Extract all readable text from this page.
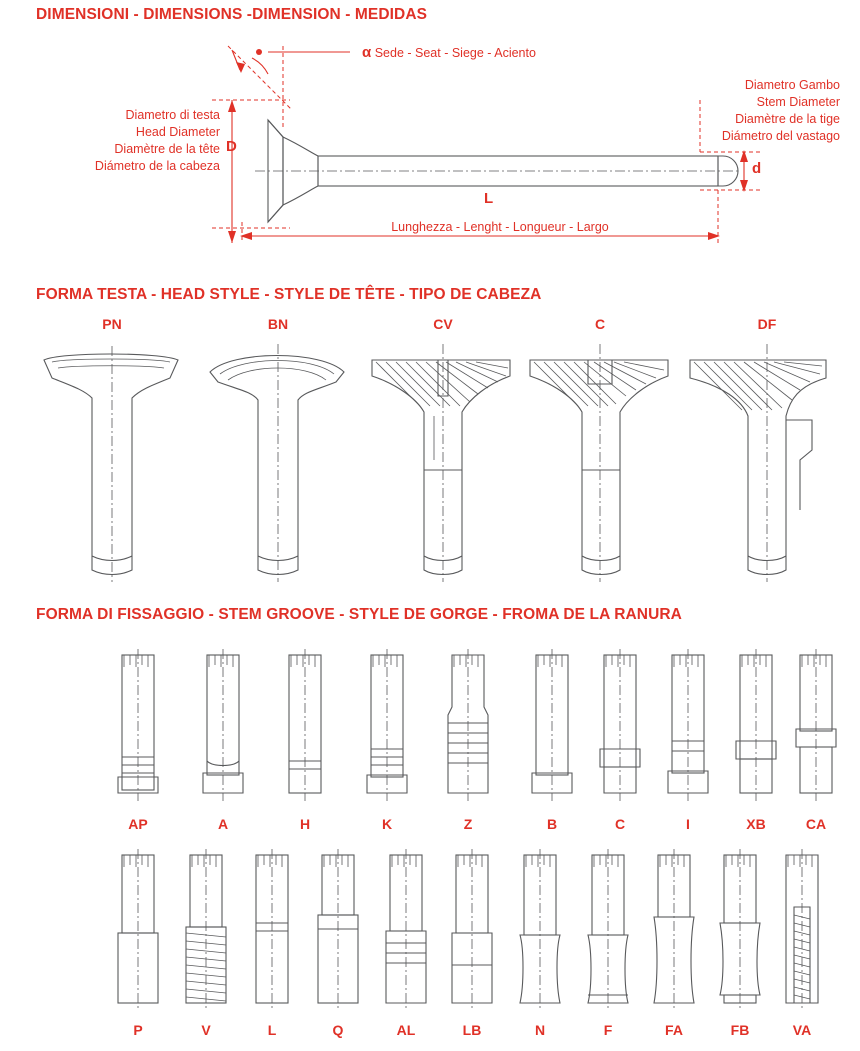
DIMENSIONI - DIMENSIONS -DIMENSION - MEDIDAS
α Sede - Seat - Siege - Aciento
Diametro di testa
Head Diameter
Diamètre de la tête
Diámetro de la cabeza
Diametro Gambo
Stem Diameter
Diamètre de la tige
Diámetro del vastago
Lunghezza - Lenght - Longueur - Largo
D
d
L
FORMA TESTA - HEAD STYLE - STYLE DE TÊTE - TIPO DE CABEZA
PN	BN	CV	C	DF
FORMA DI FISSAGGIO - STEM GROOVE - STYLE DE GORGE - FROMA DE LA RANURA
AP	A	H	K	Z	B	C	I	XB	CA
P	V	L	Q	AL	LB	N	F	FA	FB	VA
